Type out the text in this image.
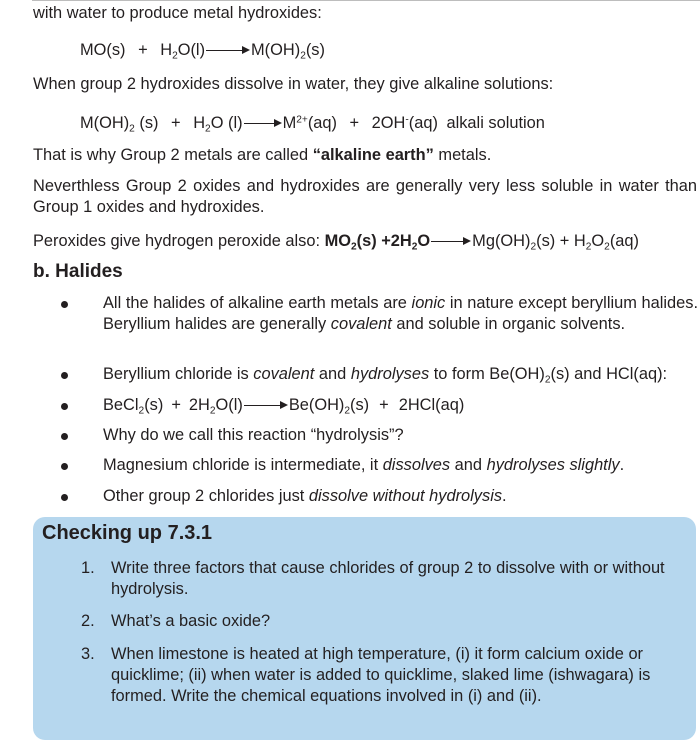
with water to produce metal hydroxides:
$MO(s) + H_2O(l)$	$M(OH)_2(s)$
When group 2 hydroxides dissolve in water, they give alkaline solutions:
$M(OH)_2$ $(s) + H_2O$ (l) $M^{2+}(aq) + 2OH^-(aq)$ alkali solution
That is why Group 2 metals are called “alkaline earth” metals.
Neverthless Group 2 oxides and hydroxides are generally very less soluble in water than Group 1 oxides and hydroxides.
Peroxides give hydrogen peroxide also: $MO_2(s) +2H_2O$	$Mg(OH)_2(s) + H_2O_2(aq)$
b. Halides
All the halides of alkaline earth metals are ionic in nature except beryllium halides. Beryllium halides are generally covalent and soluble in organic solvents.
Beryllium chloride is covalent and hydrolyses to form $Be(OH)_2(s)$ and HCl(aq):
BeCl$_2$(s) + $2H_2O(l)$	$Be(OH)_2(s) + 2HCl(aq)$
Why do we call this reaction “hydrolysis”?
Magnesium chloride is intermediate, it dissolves and hydrolyses slightly.
Other group 2 chlorides just dissolve without hydrolysis.
Checking up 7.3.1
1. Write three factors that cause chlorides of group 2 to dissolve with or without hydrolysis.
2. What’s a basic oxide?
3. When limestone is heated at high temperature, (i) it form calcium oxide or quicklime; (ii) when water is added to quicklime, slaked lime (ishwagara) is formed. Write the chemical equations involved in (i) and (ii).
